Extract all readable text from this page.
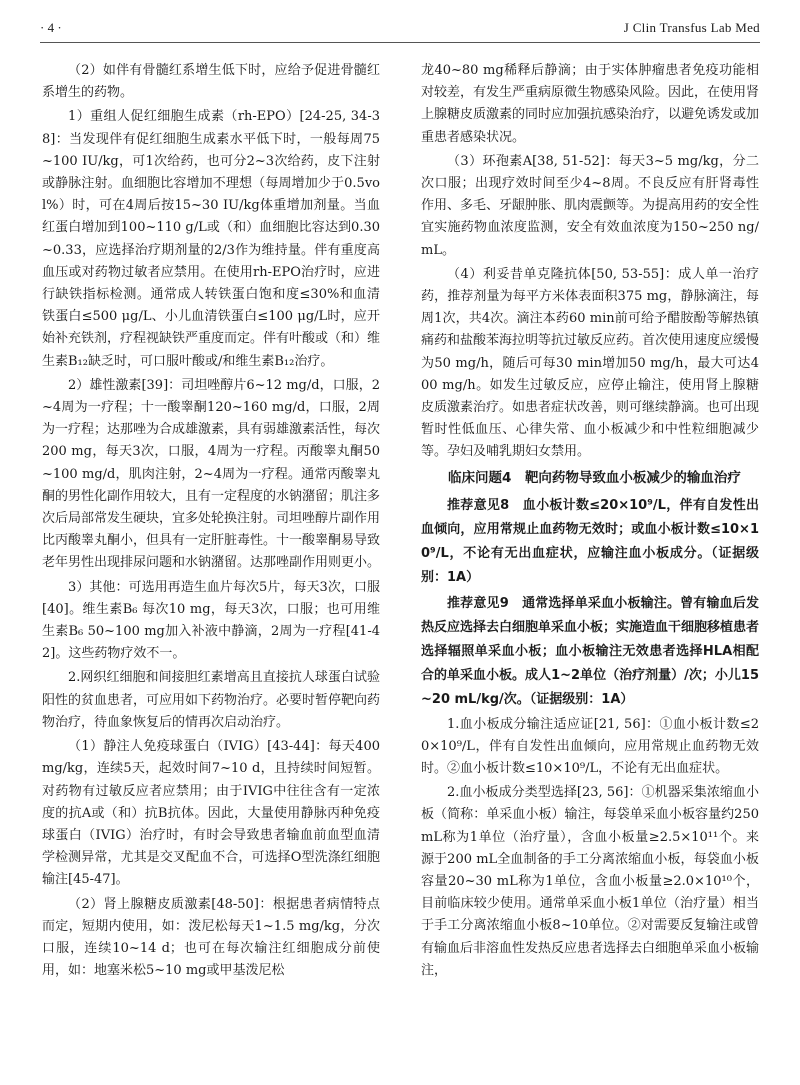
· 4 ·	J Clin Transfus Lab Med

（2）如伴有骨髓红系增生低下时，应给予促进骨髓红系增生的药物。

1）重组人促红细胞生成素（rh-EPO）[24-25, 34-38]：当发现伴有促红细胞生成素水平低下时，一般每周75~100 IU/kg，可1次给药，也可分2~3次给药，皮下注射或静脉注射。血细胞比容增加不理想（每周增加少于0.5vol%）时，可在4周后按15~30 IU/kg体重增加剂量。当血红蛋白增加到100~110 g/L或（和）血细胞比容达到0.30~0.33，应选择治疗期剂量的2/3作为维持量。伴有重度高血压或对药物过敏者应禁用。在使用rh-EPO治疗时，应进行缺铁指标检测。通常成人转铁蛋白饱和度≤30%和血清铁蛋白≤500 μg/L、小儿血清铁蛋白≤100 μg/L时，应开始补充铁剂，疗程视缺铁严重度而定。伴有叶酸或（和）维生素B₁₂缺乏时，可口服叶酸或/和维生素B₁₂治疗。

2）雄性激素[39]：司坦唑醇片6~12 mg/d，口服，2~4周为一疗程；十一酸睾酮120~160 mg/d，口服，2周为一疗程；达那唑为合成雄激素，具有弱雄激素活性，每次200 mg，每天3次，口服，4周为一疗程。丙酸睾丸酮50~100 mg/d，肌肉注射，2~4周为一疗程。通常丙酸睾丸酮的男性化副作用较大，且有一定程度的水钠潴留；肌注多次后局部常发生硬块，宜多处轮换注射。司坦唑醇片副作用比丙酸睾丸酮小，但具有一定肝脏毒性。十一酸睾酮易导致老年男性出现排尿问题和水钠潴留。达那唑副作用则更小。

3）其他：可选用再造生血片每次5片，每天3次，口服[40]。维生素B₆ 每次10 mg，每天3次，口服；也可用维生素B₆ 50~100 mg加入补液中静滴，2周为一疗程[41-42]。这些药物疗效不一。

2.网织红细胞和间接胆红素增高且直接抗人球蛋白试验阳性的贫血患者，可应用如下药物治疗。必要时暂停靶向药物治疗，待血象恢复后的情再次启动治疗。

（1）静注人免疫球蛋白（IVIG）[43-44]：每天400 mg/kg，连续5天，起效时间7~10 d，且持续时间短暂。对药物有过敏反应者应禁用；由于IVIG中往往含有一定浓度的抗A或（和）抗B抗体。因此，大量使用静脉丙种免疫球蛋白（IVIG）治疗时，有时会导致患者输血前血型血清学检测异常，尤其是交叉配血不合，可选择O型洗涤红细胞输注[45-47]。

（2）肾上腺糖皮质激素[48-50]：根据患者病情特点而定，短期内使用，如：泼尼松每天1~1.5 mg/kg，分次口服，连续10~14 d；也可在每次输注红细胞成分前使用，如：地塞米松5~10 mg或甲基泼尼松

龙40~80 mg稀释后静滴；由于实体肿瘤患者免疫功能相对较差，有发生严重病原微生物感染风险。因此，在使用肾上腺糖皮质激素的同时应加强抗感染治疗，以避免诱发或加重患者感染状况。

（3）环孢素A[38, 51-52]：每天3~5 mg/kg，分二次口服；出现疗效时间至少4~8周。不良反应有肝肾毒性作用、多毛、牙龈肿胀、肌肉震颤等。为提高用药的安全性宜实施药物血浓度监测，安全有效血浓度为150~250 ng/mL。

（4）利妥昔单克隆抗体[50, 53-55]：成人单一治疗药，推荐剂量为每平方米体表面积375 mg，静脉滴注，每周1次，共4次。滴注本药60 min前可给予醋胺酚等解热镇痛药和盐酸苯海拉明等抗过敏反应药。首次使用速度应缓慢为50 mg/h，随后可每30 min增加50 mg/h，最大可达400 mg/h。如发生过敏反应，应停止输注，使用肾上腺糖皮质激素治疗。如患者症状改善，则可继续静滴。也可出现暂时性低血压、心律失常、血小板减少和中性粒细胞减少等。孕妇及哺乳期妇女禁用。

临床问题4　靶向药物导致血小板减少的输血治疗

推荐意见8　血小板计数≤20×10⁹/L，伴有自发性出血倾向，应用常规止血药物无效时；或血小板计数≤10×10⁹/L，不论有无出血症状，应输注血小板成分。（证据级别：1A）

推荐意见9　通常选择单采血小板输注。曾有输血后发热反应选择去白细胞单采血小板；实施造血干细胞移植患者选择辐照单采血小板；血小板输注无效患者选择HLA相配合的单采血小板。成人1~2单位（治疗剂量）/次；小儿15~20 mL/kg/次。（证据级别：1A）

1.血小板成分输注适应证[21, 56]：①血小板计数≤20×10⁹/L，伴有自发性出血倾向，应用常规止血药物无效时。②血小板计数≤10×10⁹/L，不论有无出血症状。

2.血小板成分类型选择[23, 56]：①机器采集浓缩血小板（简称：单采血小板）输注，每袋单采血小板容量约250 mL称为1单位（治疗量），含血小板量≥2.5×10¹¹个。来源于200 mL全血制备的手工分离浓缩血小板，每袋血小板容量20~30 mL称为1单位，含血小板量≥2.0×10¹⁰个，目前临床较少使用。通常单采血小板1单位（治疗量）相当于手工分离浓缩血小板8~10单位。②对需要反复输注或曾有输血后非溶血性发热反应患者选择去白细胞单采血小板输注，
